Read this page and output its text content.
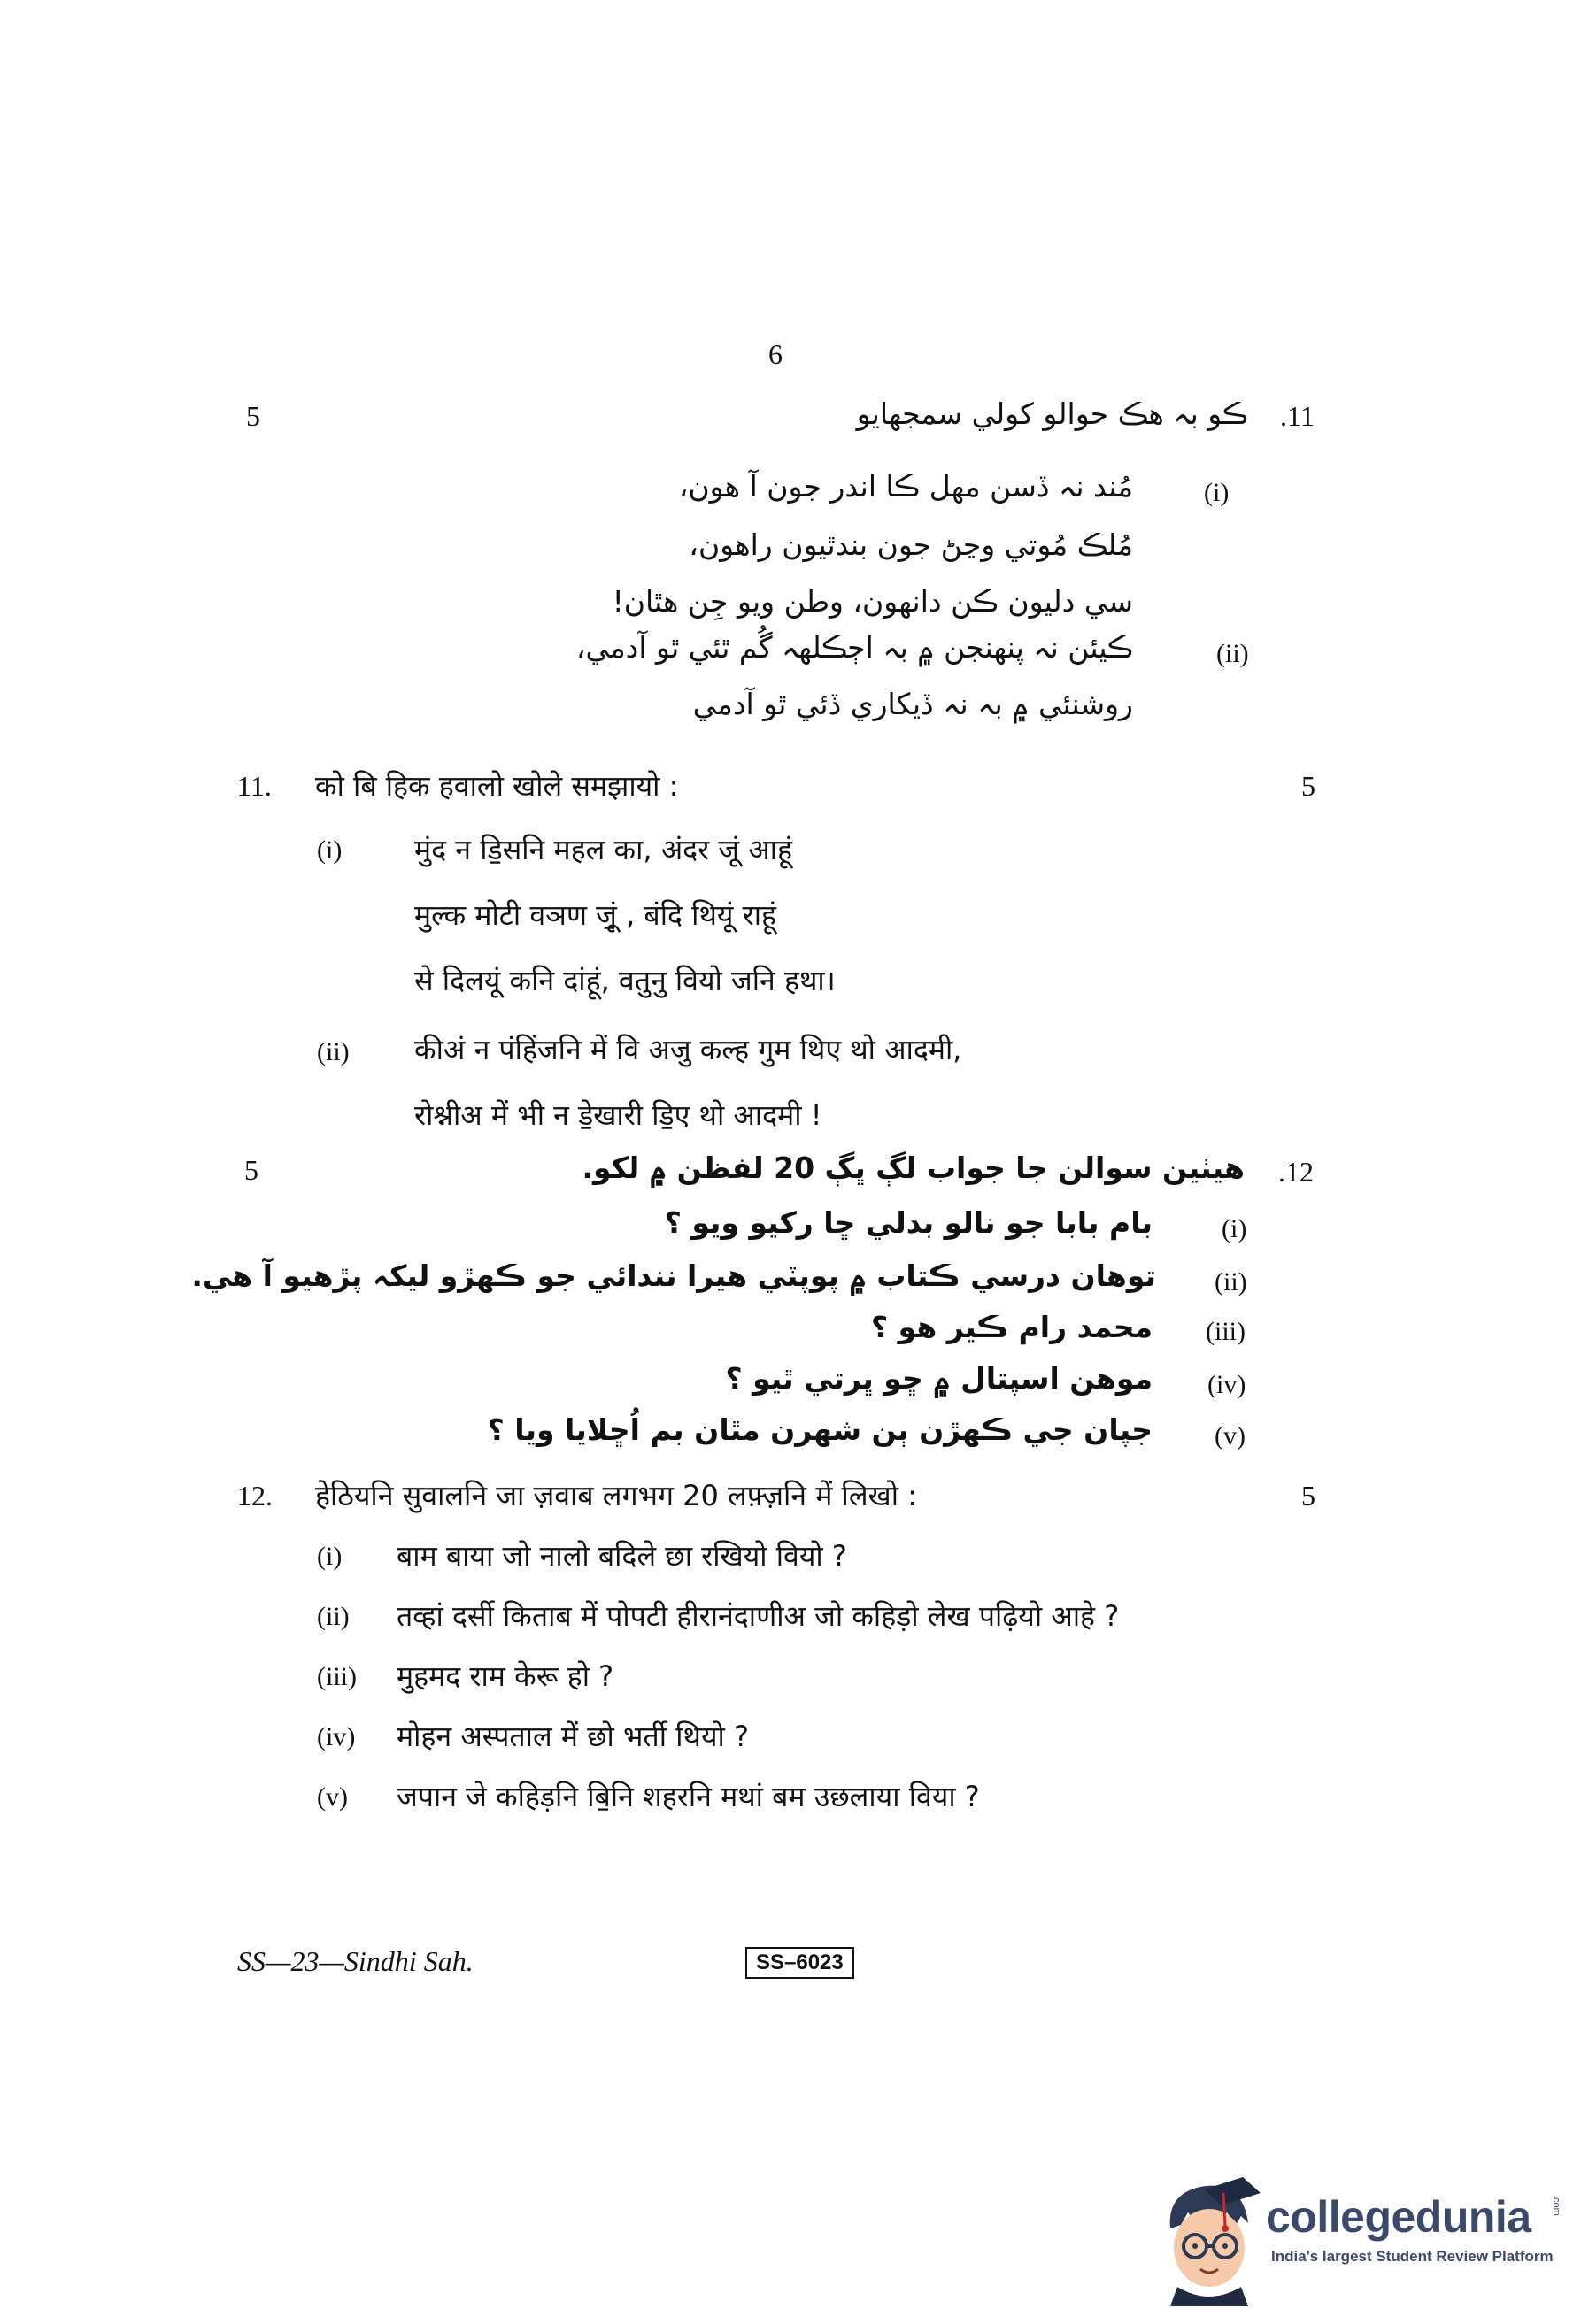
6
5	.11
ڪو بہ هڪ حوالو کولي سمجهايو
(i)
مُند نہ ڏسن مهل ڪا اندر جون آ هون،
مُلڪ مُوتي وڃڻ جون بندٿيون راهون،
سي دليون ڪن دانهون، وطن ويو جِن هٿان!
(ii)
ڪيئن نہ پنهنجن ۾ بہ اڄڪلهہ گُم ٿئي ٿو آدمي،
روشنئي ۾ بہ نہ ڏيکاري ڏئي ٿو آدمي
11. को बि हिक हवालो खोले समझायो :	5
(i)	मुंद न डि॒सनि महल का, अंदर जूं आहूं
मुल्क मोटी वञण जूं॒ , बंदि थियूं राहूं
से दिलयूं कनि दांहूं, वतुनु वियो जनि हथा।
(ii) कीअं न पंहिंजनि में वि अजु कल्ह गुम थिए थो आदमी,
रोश्नीअ में भी न डे॒खारी डि॒ए थो आदमी !
5	.12
هيٺين سوالن جا جواب لڳ ڀڳ 20 لفظن ۾ لکو.
(i)
بام بابا جو نالو بدلي ڇا رکيو ويو ؟
(ii)
توهان درسي ڪتاب ۾ پوپٽي هيرا نندائي جو ڪهڙو ليکہ پڙهيو آ هي.
(iii)
محمد رام ڪير هو ؟
(iv)
موهن اسپتال ۾ ڇو ڀرتي ٿيو ؟
(v)
جپان جي ڪهڙن ٻن شهرن مٿان بم اُڇلايا ويا ؟
12. हेठियनि सुवालनि जा ज़वाब लगभग 20 लफ़्ज़नि में लिखो :	5
(i) बाम बाया जो नालो बदिले छा रखियो वियो ?
(ii) तव्हां दर्सी किताब में पोपटी हीरानंदाणीअ जो कहिड़ो लेख पढ़ियो आहे ?
(iii) मुहमद राम केरू हो ?
(iv) मोहन अस्पताल में छो भर्ती थियो ?
(v) जपान जे कहिड़नि बि॒नि शहरनि मथां बम उछलाया विया ?
SS—23—Sindhi Sah.	SS–6023
collegedunia .com
India's largest Student Review Platform
